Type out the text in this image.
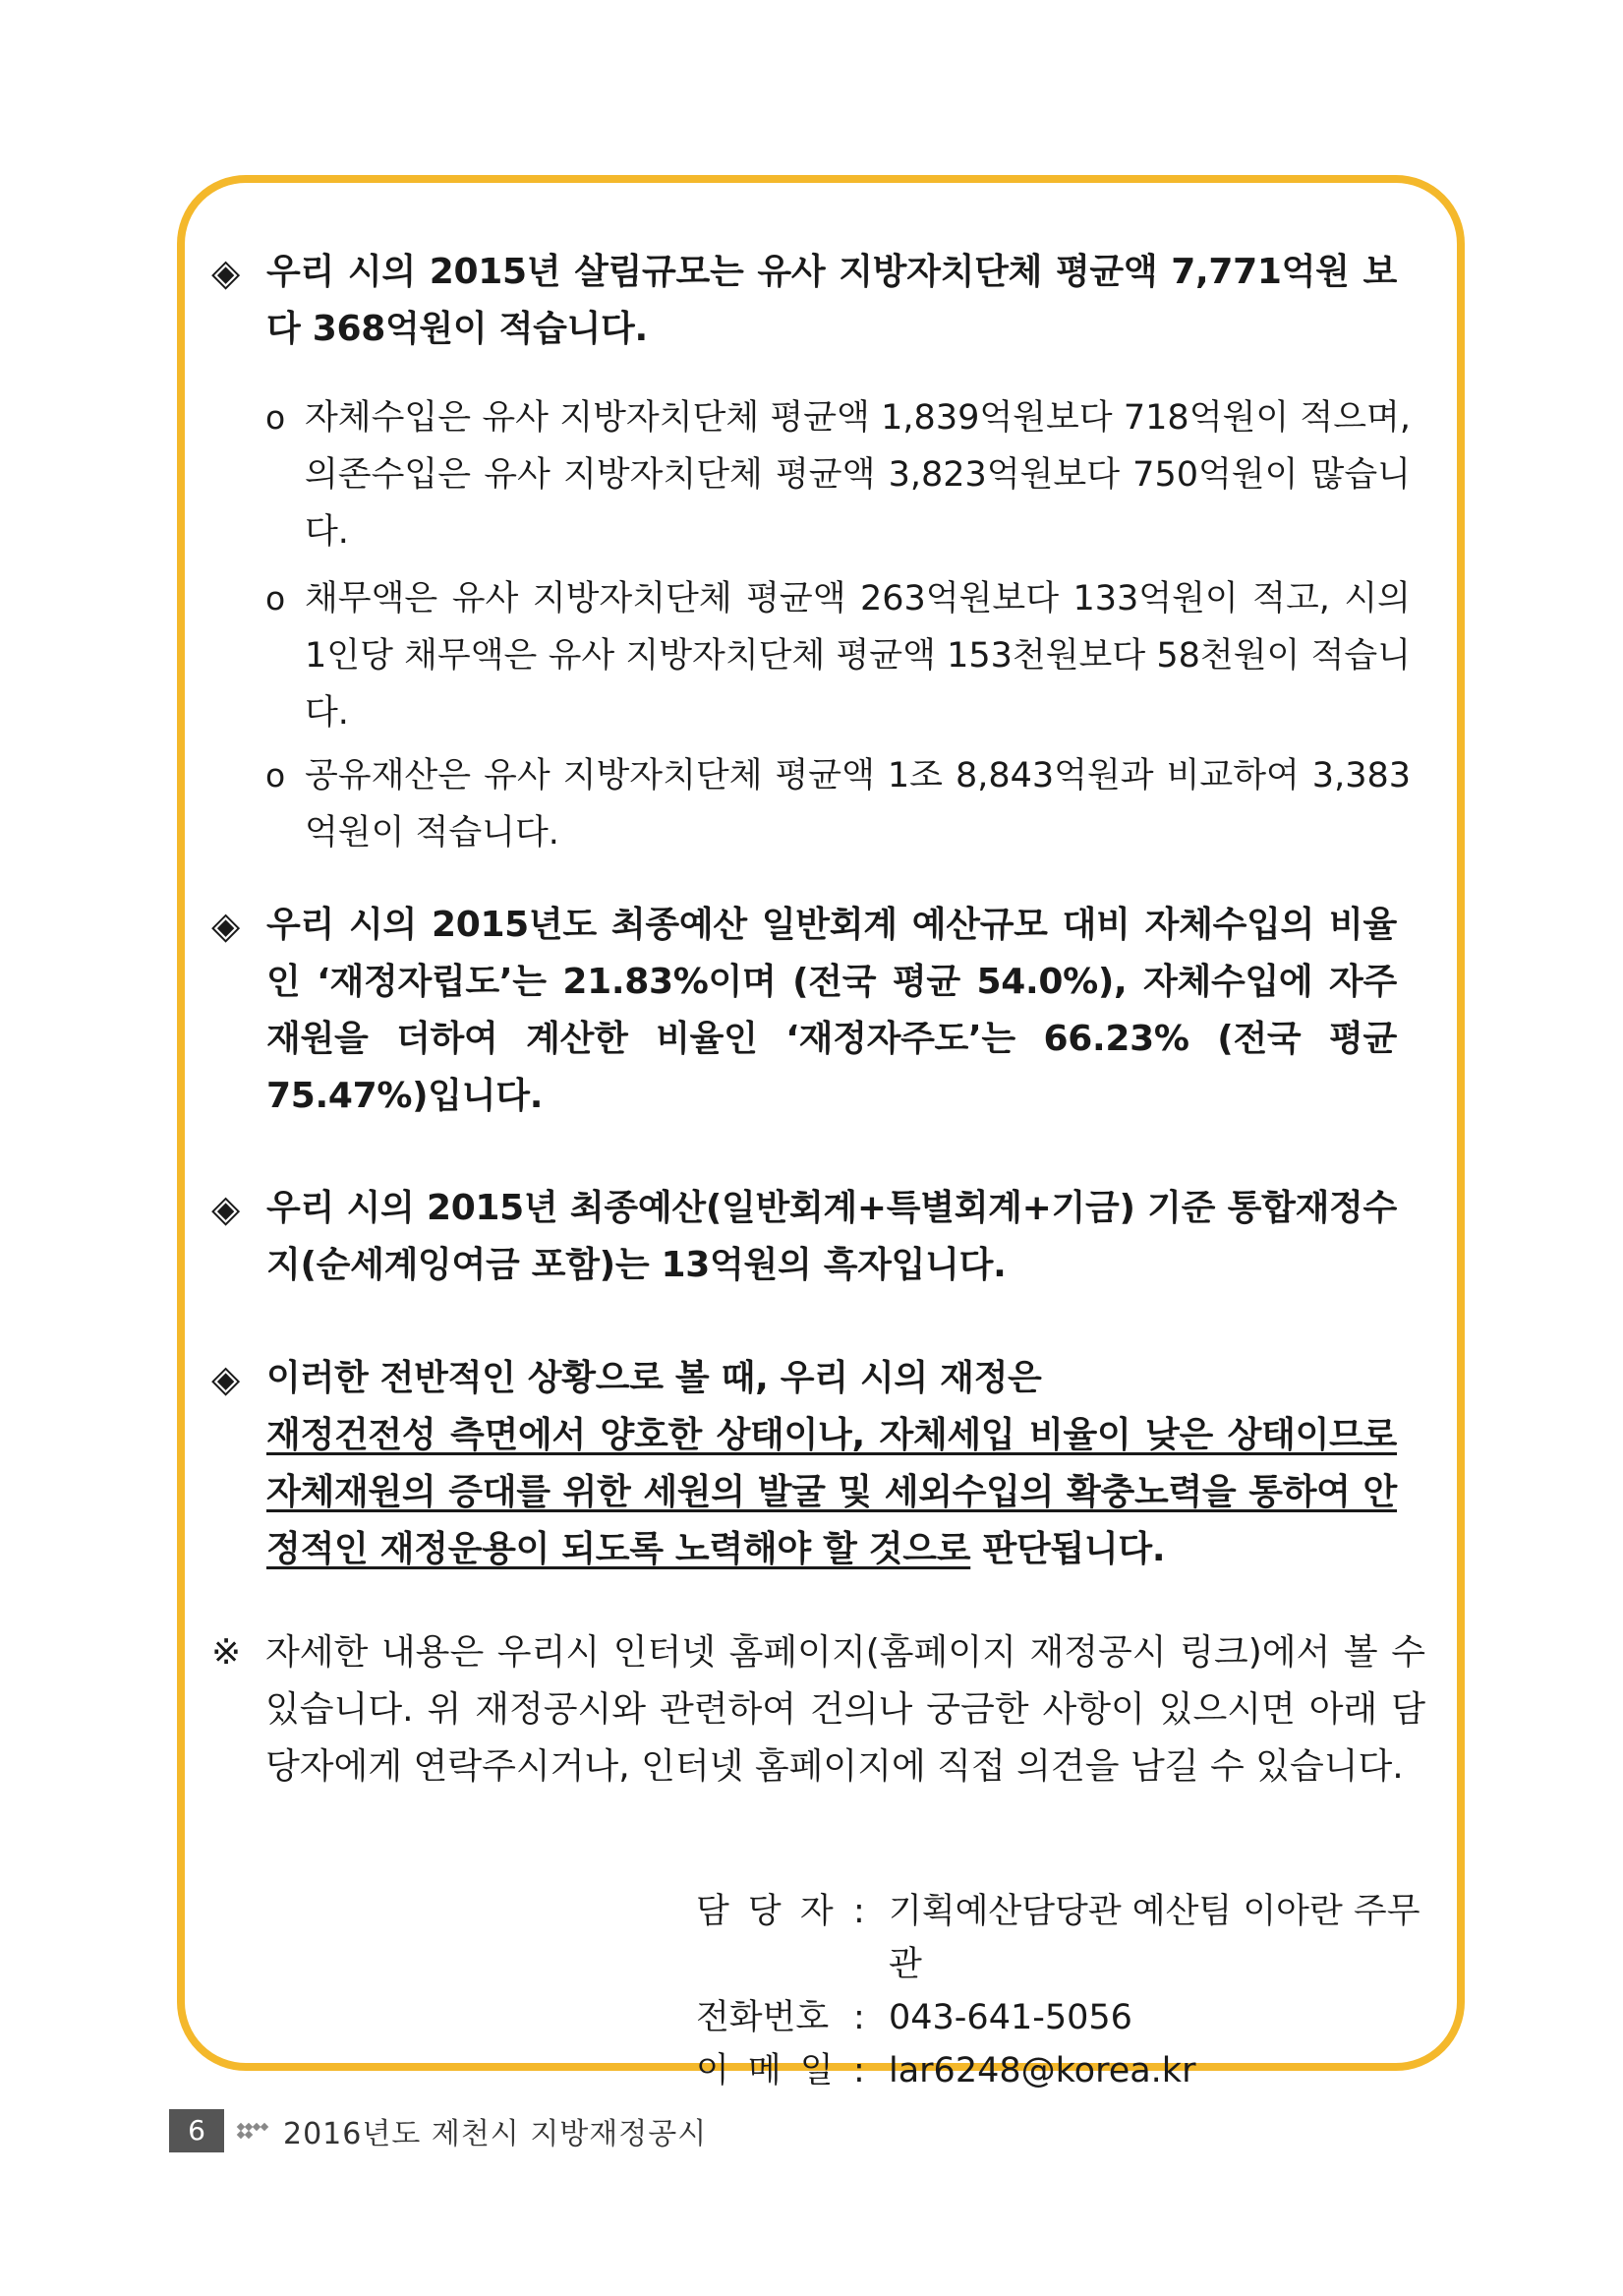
◈ 우리 시의 2015년 살림규모는 유사 지방자치단체 평균액 7,771억원 보다 368억원이 적습니다.
o 자체수입은 유사 지방자치단체 평균액 1,839억원보다 718억원이 적으며, 의존수입은 유사 지방자치단체 평균액 3,823억원보다 750억원이 많습니다.
o 채무액은 유사 지방자치단체 평균액 263억원보다 133억원이 적고, 시의 1인당 채무액은 유사 지방자치단체 평균액 153천원보다 58천원이 적습니다.
o 공유재산은 유사 지방자치단체 평균액 1조 8,843억원과 비교하여 3,383억원이 적습니다.
◈ 우리 시의 2015년도 최종예산 일반회계 예산규모 대비 자체수입의 비율인 ‘재정자립도’는 21.83%이며 (전국 평균 54.0%), 자체수입에 자주재원을 더하여 계산한 비율인 ‘재정자주도’는 66.23% (전국 평균 75.47%)입니다.
◈ 우리 시의 2015년 최종예산(일반회계+특별회계+기금) 기준 통합재정수지(순세계잉여금 포함)는 13억원의 흑자입니다.
◈ 이러한 전반적인 상황으로 볼 때, 우리 시의 재정은
재정건전성 측면에서 양호한 상태이나, 자체세입 비율이 낮은 상태이므로 자체재원의 증대를 위한 세원의 발굴 및 세외수입의 확충노력을 통하여 안정적인 재정운용이 되도록 노력해야 할 것으로 판단됩니다.
※ 자세한 내용은 우리시 인터넷 홈페이지(홈페이지 재정공시 링크)에서 볼 수 있습니다. 위 재정공시와 관련하여 건의나 궁금한 사항이 있으시면 아래 담당자에게 연락주시거나, 인터넷 홈페이지에 직접 의견을 남길 수 있습니다.
담 당 자 : 기획예산담당관 예산팀 이아란 주무관
전화번호 : 043-641-5056
이 메 일 : lar6248@korea.kr
6	2016년도 제천시 지방재정공시
